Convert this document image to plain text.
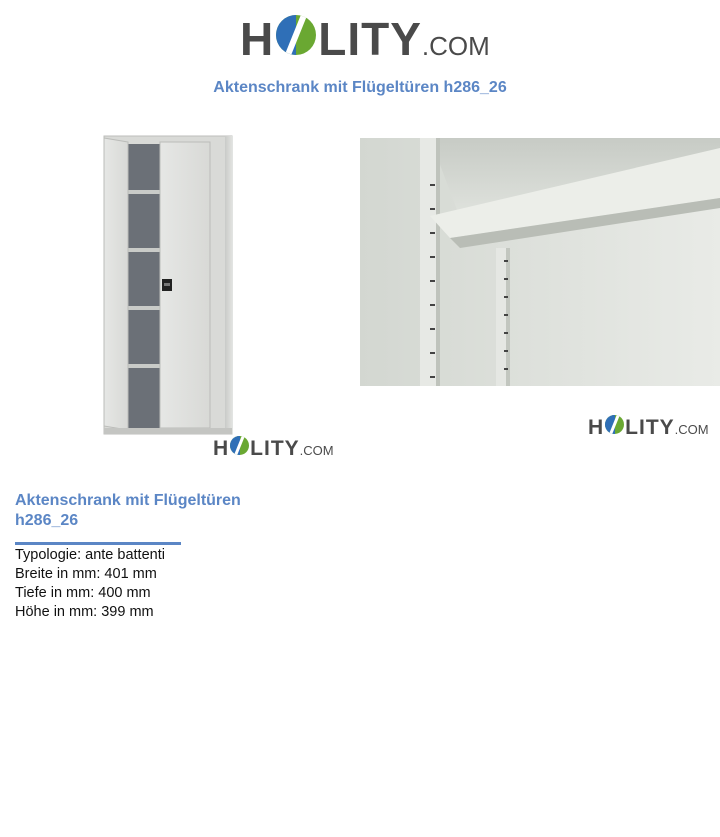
H LITY .COM
Aktenschrank mit Flügeltüren h286_26
H LITY .COM
H LITY .COM
Aktenschrank mit Flügeltüren h286_26
Typologie: ante battenti
Breite in mm: 401 mm
Tiefe in mm: 400 mm
Höhe in mm: 399 mm
